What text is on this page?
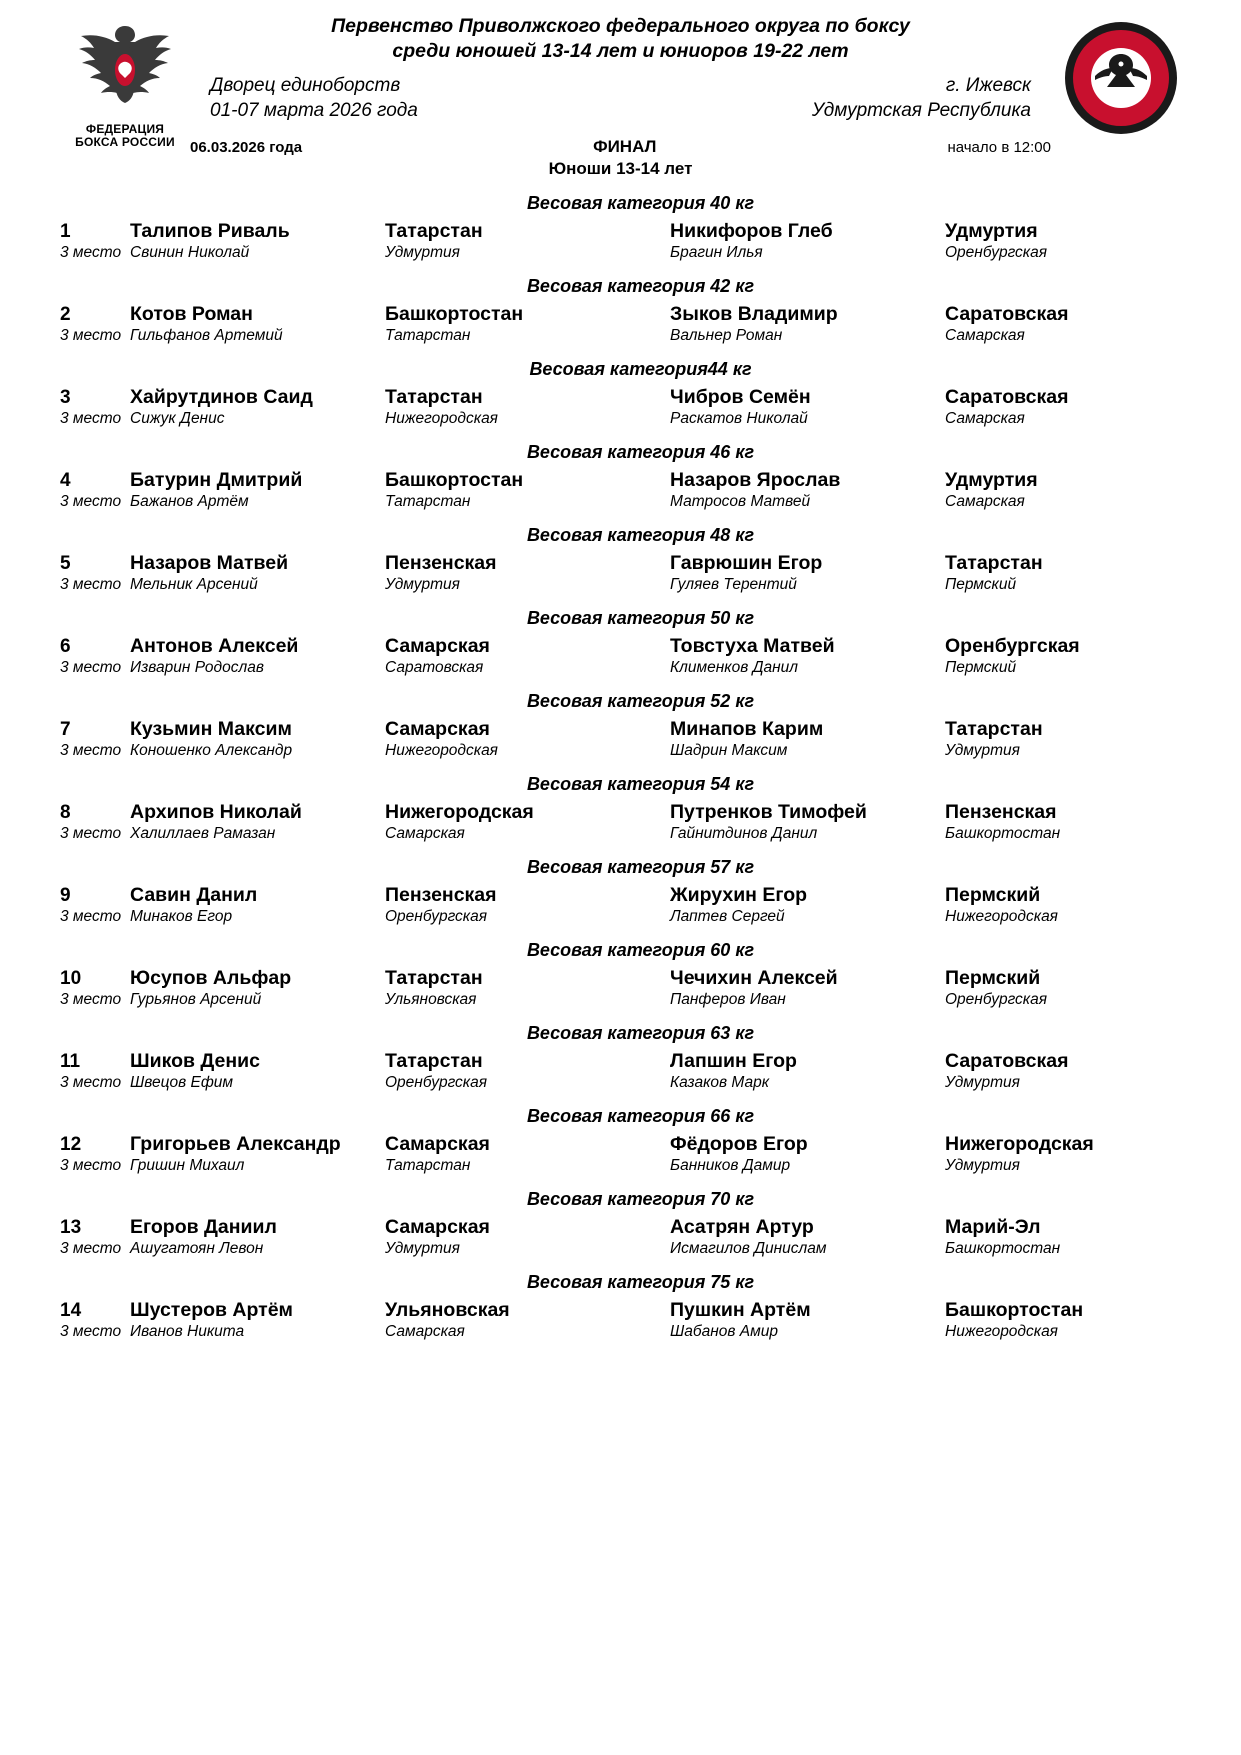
ФЕДЕРАЦИЯ
БОКСА РОССИИ
Первенство Приволжского федерального округа по боксу
среди юношей 13-14 лет и юниоров 19-22 лет
Дворец единоборств
01-07 марта 2026 года
г. Ижевск
Удмуртская Республика
06.03.2026 года	ФИНАЛ	начало в 12:00
Юноши 13-14 лет
Весовая категория 40 кг
1	Талипов Риваль	Татарстан	Никифоров Глеб	Удмуртия
3 место Свинин Николай	Удмуртия	Брагин Илья	Оренбургская
Весовая категория 42 кг
2	Котов Роман	Башкортостан	Зыков Владимир	Саратовская
3 место Гильфанов Артемий	Татарстан	Вальнер Роман	Самарская
Весовая категория44 кг
3	Хайрутдинов Саид	Татарстан	Чибров Семён	Саратовская
3 место Сижук Денис	Нижегородская	Раскатов Николай	Самарская
Весовая категория 46 кг
4	Батурин Дмитрий	Башкортостан	Назаров Ярослав	Удмуртия
3 место Бажанов Артём	Татарстан	Матросов Матвей	Самарская
Весовая категория 48 кг
5	Назаров Матвей	Пензенская	Гаврюшин Егор	Татарстан
3 место Мельник Арсений	Удмуртия	Гуляев Терентий	Пермский
Весовая категория 50 кг
6	Антонов Алексей	Самарская	Товстуха Матвей	Оренбургская
3 место Изварин Родослав	Саратовская	Клименков Данил	Пермский
Весовая категория 52 кг
7	Кузьмин Максим	Самарская	Минапов Карим	Татарстан
3 место Коношенко Александр	Нижегородская	Шадрин Максим	Удмуртия
Весовая категория 54 кг
8	Архипов Николай	Нижегородская	Путренков Тимофей	Пензенская
3 место Халиллаев Рамазан	Самарская	Гайнитдинов Данил	Башкортостан
Весовая категория 57 кг
9	Савин Данил	Пензенская	Жирухин Егор	Пермский
3 место Минаков Егор	Оренбургская	Лаптев Сергей	Нижегородская
Весовая категория 60 кг
10	Юсупов Альфар	Татарстан	Чечихин Алексей	Пермский
3 место Гурьянов Арсений	Ульяновская	Панферов Иван	Оренбургская
Весовая категория 63 кг
11	Шиков Денис	Татарстан	Лапшин Егор	Саратовская
3 место Швецов Ефим	Оренбургская	Казаков Марк	Удмуртия
Весовая категория 66 кг
12	Григорьев Александр	Самарская	Фёдоров Егор	Нижегородская
3 место Гришин Михаил	Татарстан	Банников Дамир	Удмуртия
Весовая категория 70 кг
13	Егоров Даниил	Самарская	Асатрян Артур	Марий-Эл
3 место Ашугатоян Левон	Удмуртия	Исмагилов Динислам	Башкортостан
Весовая категория 75 кг
14	Шустеров Артём	Ульяновская	Пушкин Артём	Башкортостан
3 место Иванов Никита	Самарская	Шабанов Амир	Нижегородская
